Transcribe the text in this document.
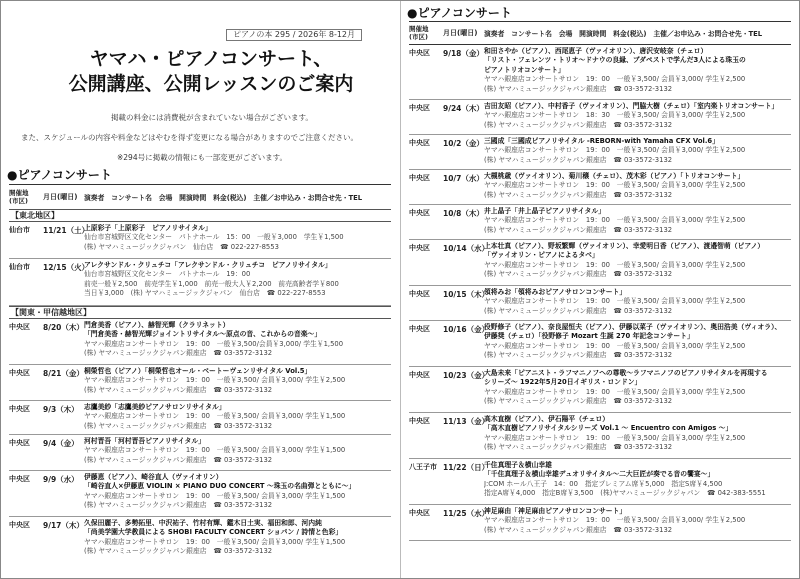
ピアノの本 295 / 2026年 8-12月
ヤマハ・ピアノコンサート、
公開講座、公開レッスンのご案内
掲載の料金には消費税が含まれていない場合がございます。
また、スケジュールの内容や料金などはやむを得ず変更になる場合がありますのでご注意ください。
※294号に掲載の情報にも一部変更がございます。
●ピアノコンサート
開催地
(市区)	月日(曜日) 演奏者　コンサート名　会場　開演時間　料金(税込)　主催／お申込み・お問合せ先・TEL
【東北地区】
仙台市 11/21（土）
上原彩子「上原彩子　ピアノリサイタル」
仙台市宮城野区文化センター　パトナホール　15：00　一般￥3,000　学生￥1,500
(株) ヤマハミュージックジャパン　仙台店　☎ 022-227-8553
仙台市 12/15（火）
アレクサンドル・クリュチコ「アレクサンドル・クリュチコ　ピアノリサイタル」
仙台市宮城野区文化センター　パトナホール　19：00
前売一般￥2,500　前売学生￥1,000　前売一般大人￥2,200　前売高齢者学￥800
当日￥3,000　(株) ヤマハミュージックジャパン　仙台店　☎ 022-227-8553
【関東・甲信越地区】
中央区 8/20（木） 門倉美香（ピアノ）、赫智光輝（クラリネット）
「門倉美香・赫智光輝ジョイントリサイタル～原点の音、これからの音楽～」
ヤマハ銀座店コンサートサロン　19：00　一般￥3,500/会員￥3,000/ 学生￥1,500
(株) ヤマハミュージックジャパン銀座店　☎ 03-3572-3132
中央区 8/21（金） 桐榮哲也（ピアノ）「桐榮哲也オール・ベートーヴェンリサイタル Vol.5」
ヤマハ銀座店コンサートサロン　19：00　一般￥3,500/ 会員￥3,000/ 学生￥2,500
(株) ヤマハミュージックジャパン銀座店　☎ 03-3572-3132
中央区 9/3（木） 志鷹美紗「志鷹美紗ピアノサロンリサイタル」
ヤマハ銀座店コンサートサロン　19：00　一般￥3,500/ 会員￥3,000/ 学生￥1,500
(株) ヤマハミュージックジャパン銀座店　☎ 03-3572-3132
中央区 9/4（金） 河村晋吾「河村晋吾ピアノリサイタル」
ヤマハ銀座店コンサートサロン　19：00　一般￥3,500/ 会員￥3,000/ 学生￥1,500
(株) ヤマハミュージックジャパン銀座店　☎ 03-3572-3132
中央区 9/9（水） 伊藤恵（ピアノ）、崎谷直人（ヴァイオリン）
「崎谷直人×伊藤恵 VIOLIN × PIANO DUO CONCERT ～珠玉の名曲弾とともに～」
ヤマハ銀座店コンサートサロン　19：00　一般￥3,500/ 会員￥3,000/ 学生￥1,500
(株) ヤマハミュージックジャパン銀座店　☎ 03-3572-3132
中央区 9/17（木） 久保田麗子、多勢拓里、中沢祐子、竹村有輝、鑑木日土実、福田和郎、河内純
「尚美学園大学教員による SHOBI FACULTY CONCERT ショパン / 詩情と色彩」
ヤマハ銀座店コンサートサロン　19：00　一般￥3,500/ 会員￥3,000/ 学生￥1,500
(株) ヤマハミュージックジャパン銀座店　☎ 03-3572-3132
●ピアノコンサート
開催地
(市区)	月日(曜日) 演奏者　コンサート名　会場　開演時間　料金(税込)　主催／お申込み・お問合せ先・TEL
中央区 9/18（金） 和田さやか（ピアノ）、西尾恵子（ヴァイオリン）、唐沢安岐奈（チェロ）
「リスト・フェレンツ・トリオ～ドナウの良縁、ブダペストで学んだ3人による珠玉の
ピアノトリオコンサート」
ヤマハ銀座店コンサートサロン　19：00　一般￥3,500/ 会員￥3,000/ 学生￥2,500
(株) ヤマハミュージックジャパン銀座店　☎ 03-3572-3132
中央区 9/24（木） 吉田友昭（ピアノ）、中村香子（ヴァイオリン）、門脇大樹（チェロ）「室内楽トリオコンサート」
ヤマハ銀座店コンサートサロン　18：30　一般￥3,500/ 会員￥3,000/ 学生￥2,500
(株) ヤマハミュージックジャパン銀座店　☎ 03-3572-3132
中央区 10/2（金） 三國成「三國成ピアノリサイタル -REBORN-with Yamaha CFX Vol.6」
ヤマハ銀座店コンサートサロン　19：00　一般￥3,500/ 会員￥3,000/ 学生￥2,500
(株) ヤマハミュージックジャパン銀座店　☎ 03-3572-3132
中央区 10/7（水） 大槻桃歳（ヴァイオリン）、菊川穣（チェロ）、茂木彩（ピアノ）「トリオコンサート」
ヤマハ銀座店コンサートサロン　19：00　一般￥3,500/ 会員￥3,000/ 学生￥2,500
(株) ヤマハミュージックジャパン銀座店　☎ 03-3572-3132
中央区 10/8（木） 井上晶子「井上晶子ピアノリサイタル」
ヤマハ銀座店コンサートサロン　19：00　一般￥3,500/ 会員￥3,000/ 学生￥2,500
(株) ヤマハミュージックジャパン銀座店　☎ 03-3572-3132
中央区 10/14（水）
上本壮真（ピアノ）、野坂繁輝（ヴァイオリン）、幸愛明日香（ピアノ）、渡邉智萌（ピアノ）
「ヴァイオリン・ピアノによるタベ」
ヤマハ銀座店コンサートサロン　19：00　一般￥3,500/ 会員￥3,000/ 学生￥2,500
(株) ヤマハミュージックジャパン銀座店　☎ 03-3572-3132
中央区 10/15（木）
領将みお「領将みおピアノサロンコンサート」
ヤマハ銀座店コンサートサロン　19：00　一般￥3,500/ 会員￥3,000/ 学生￥2,500
(株) ヤマハミュージックジャパン銀座店　☎ 03-3572-3132
中央区 10/16（金）
役野修子（ピアノ）、奈良屋恒夫（ピアノ）、伊藤以菜子（ヴァイオリン）、奥田浩美（ヴィオラ）、
伊藤奨（チェロ）「役野修子 Mozart 生誕 270 年記念コンサート」
ヤマハ銀座店コンサートサロン　19：00　一般￥3,500/ 会員￥3,000/ 学生￥2,500
(株) ヤマハミュージックジャパン銀座店　☎ 03-3572-3132
中央区 10/23（金）
大島未来「ピアニスト・ラフマニノフへの尊敬～ラフマニノフのピアノリサイタルを再現する
シリーズ～ 1922年5月20日イギリス・ロンドン」
ヤマハ銀座店コンサートサロン　19：00　一般￥3,500/ 会員￥3,000/ 学生￥2,500
(株) ヤマハミュージックジャパン銀座店　☎ 03-3572-3132
中央区 11/13（金）
高木直樹（ピアノ）、伊石陽平（チェロ）
「高木直樹ピアノリサイタルシリーズ Vol.1 ～ Encuentro con Amigos ～」
ヤマハ銀座店コンサートサロン　19：00　一般￥3,500/ 会員￥3,000/ 学生￥2,500
(株) ヤマハミュージックジャパン銀座店　☎ 03-3572-3132
八王子市 11/22（日）
千住真理子＆横山幸雄
「千住真理子＆横山幸雄デュオリサイタル～二大巨匠が奏でる音の饗宴～」
J:COM ホール八王子　14：00　指定プレミアム席￥5,000　指定S席￥4,500
指定A席￥4,000　指定B席￥3,500　(株)ヤマハミュージックジャパン　☎ 042-383-5551
中央区 11/25（水）
神足麻由「神足麻由ピアノサロンコンサート」
ヤマハ銀座店コンサートサロン　19：00　一般￥3,500/ 会員￥3,000/ 学生￥2,500
(株) ヤマハミュージックジャパン銀座店　☎ 03-3572-3132
